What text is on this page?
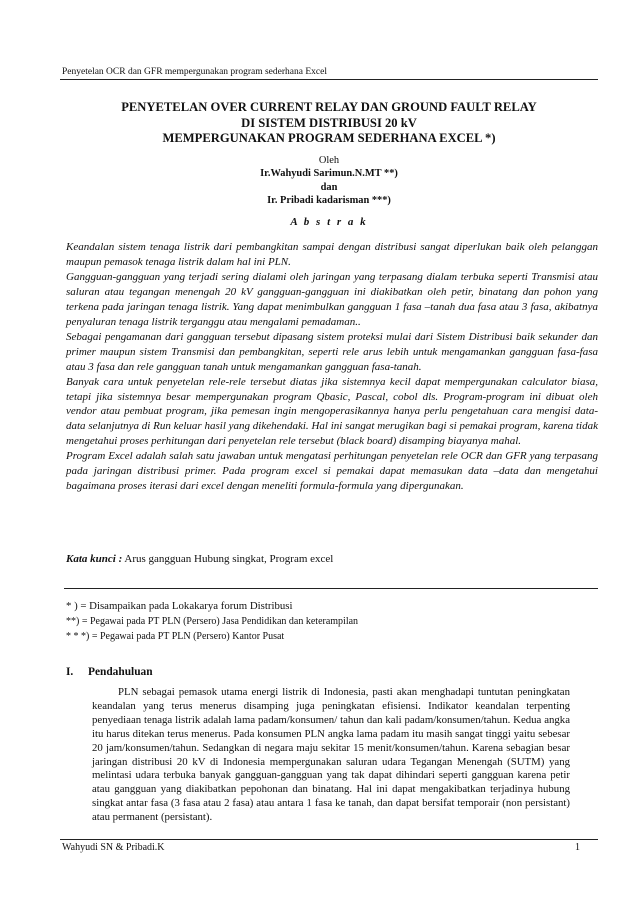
Penyetelan OCR dan GFR mempergunakan program sederhana Excel
PENYETELAN OVER CURRENT RELAY DAN GROUND FAULT RELAY
DI SISTEM DISTRIBUSI 20 kV
MEMPERGUNAKAN PROGRAM SEDERHANA EXCEL *)
Oleh
Ir.Wahyudi Sarimun.N.MT **)
dan
Ir. Pribadi kadarisman ***)
A b s t r a k

Keandalan sistem tenaga listrik dari pembangkitan sampai dengan distribusi sangat diperlukan baik oleh pelanggan maupun pemasok tenaga listrik dalam hal ini PLN.

Gangguan-gangguan yang terjadi sering dialami oleh jaringan yang terpasang dialam terbuka seperti Transmisi atau saluran atau tegangan menengah 20 kV gangguan-gangguan ini diakibatkan oleh petir, binatang dan pohon yang terkena pada jaringan tenaga listrik. Yang dapat menimbulkan gangguan 1 fasa –tanah dua fasa atau 3 fasa, akibatnya penyaluran tenaga listrik terganggu atau mengalami pemadaman..

Sebagai pengamanan dari gangguan tersebut dipasang sistem proteksi mulai dari Sistem Distribusi baik sekunder dan primer maupun sistem Transmisi dan pembangkitan, seperti rele arus lebih untuk mengamankan gangguan fasa-fasa atau 3 fasa dan rele gangguan tanah untuk mengamankan gangguan fasa-tanah.

Banyak cara untuk penyetelan rele-rele tersebut diatas jika sistemnya kecil dapat mempergunakan calculator biasa, tetapi jika sistemnya besar mempergunakan program Qbasic, Pascal, cobol dls. Program-program ini dibuat oleh vendor atau pembuat program, jika pemesan ingin mengoperasikannya hanya perlu pengetahuan cara mengisi data-data selanjutnya di Run keluar hasil yang dikehendaki. Hal ini sangat merugikan bagi si pemakai program, karena tidak mengetahui proses perhitungan dari penyetelan rele tersebut (black board) disamping biayanya mahal.

Program Excel adalah salah satu jawaban untuk mengatasi perhitungan penyetelan rele OCR dan GFR yang terpasang pada jaringan distribusi primer. Pada program excel si pemakai dapat memasukan data –data dan mengetahui bagaimana proses iterasi dari excel dengan meneliti formula-formula yang dipergunakan.

Kata kunci : Arus gangguan Hubung singkat, Program excel
* ) = Disampaikan pada Lokakarya forum Distribusi
**) = Pegawai pada PT PLN (Persero) Jasa Pendidikan dan keterampilan
* * *) = Pegawai pada PT PLN (Persero) Kantor Pusat
I. Pendahuluan
PLN sebagai pemasok utama energi listrik di Indonesia, pasti akan menghadapi tuntutan peningkatan keandalan yang terus menerus disamping juga peningkatan efisiensi. Indikator keandalan terpenting penyediaan tenaga listrik adalah lama padam/konsumen/ tahun dan kali padam/konsumen/tahun. Kedua angka itu harus ditekan terus menerus. Pada konsumen PLN angka lama padam itu masih sangat tinggi yaitu sebesar 20 jam/konsumen/tahun. Sedangkan di negara maju sekitar 15 menit/konsumen/tahun. Karena sebagian besar jaringan distribusi 20 kV di Indonesia mempergunakan saluran udara Tegangan Menengah (SUTM) yang melintasi udara terbuka banyak gangguan-gangguan yang tak dapat dihindari seperti gangguan karena petir atau gangguan yang diakibatkan pepohonan dan binatang. Hal ini dapat mengakibatkan terjadinya hubung singkat antar fasa (3 fasa atau 2 fasa) atau antara 1 fasa ke tanah, dan dapat bersifat temporair (non persistant) atau permanent (persistant).
Wahyudi SN & Pribadi.K	1
